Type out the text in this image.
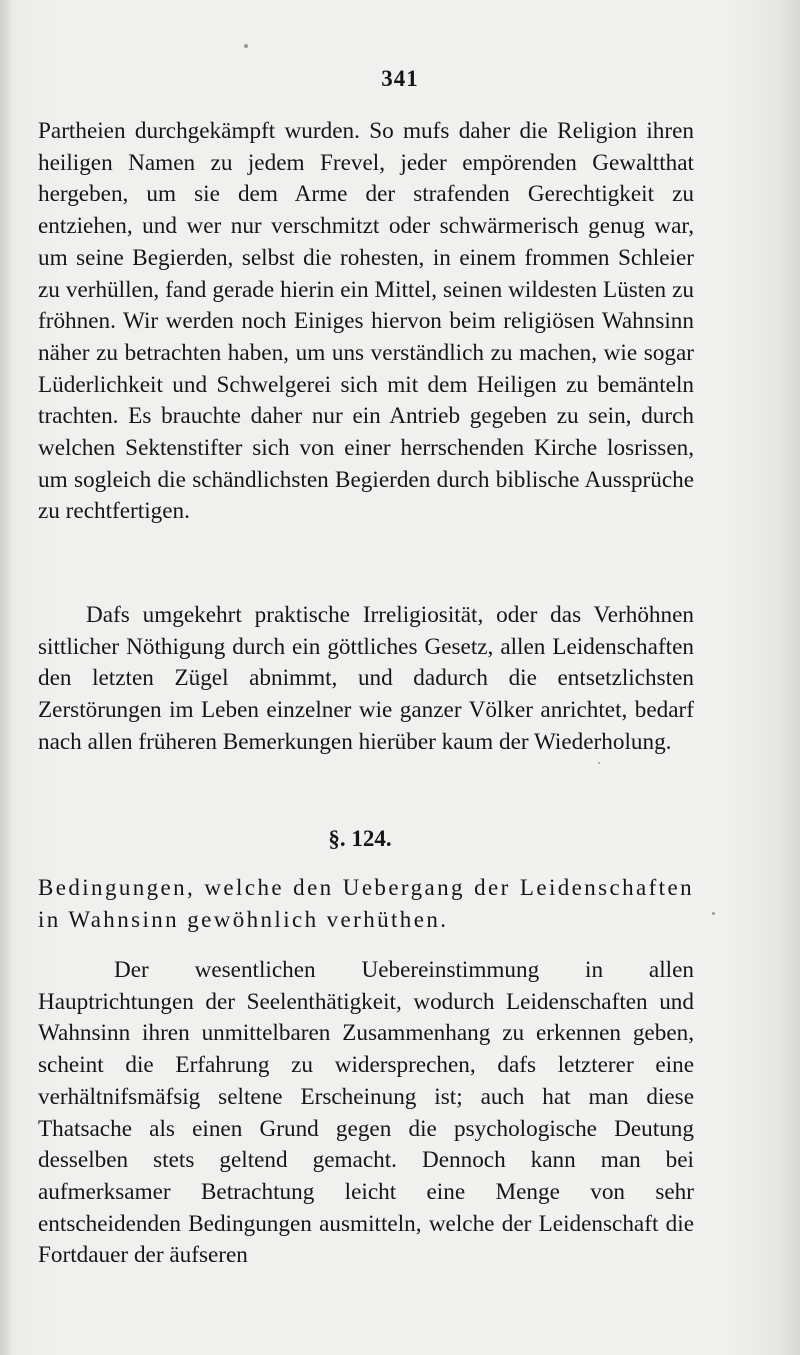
341

Partheien durchgekämpft wurden. So mufs daher die Religion ihren heiligen Namen zu jedem Frevel, jeder empörenden Gewaltthat hergeben, um sie dem Arme der strafenden Gerechtigkeit zu entziehen, und wer nur verschmitzt oder schwärmerisch genug war, um seine Begierden, selbst die rohesten, in einem frommen Schleier zu verhüllen, fand gerade hierin ein Mittel, seinen wildesten Lüsten zu fröhnen. Wir werden noch Einiges hiervon beim religiösen Wahnsinn näher zu betrachten haben, um uns verständlich zu machen, wie sogar Lüderlichkeit und Schwelgerei sich mit dem Heiligen zu bemänteln trachten. Es brauchte daher nur ein Antrieb gegeben zu sein, durch welchen Sektenstifter sich von einer herrschenden Kirche losrissen, um sogleich die schändlichsten Begierden durch biblische Aussprüche zu rechtfertigen.

Dafs umgekehrt praktische Irreligiosität, oder das Verhöhnen sittlicher Nöthigung durch ein göttliches Gesetz, allen Leidenschaften den letzten Zügel abnimmt, und dadurch die entsetzlichsten Zerstörungen im Leben einzelner wie ganzer Völker anrichtet, bedarf nach allen früheren Bemerkungen hierüber kaum der Wiederholung.

§. 124.
Bedingungen, welche den Uebergang der Leidenschaften in Wahnsinn gewöhnlich verhüthen.

Der wesentlichen Uebereinstimmung in allen Hauptrichtungen der Seelenthätigkeit, wodurch Leidenschaften und Wahnsinn ihren unmittelbaren Zusammenhang zu erkennen geben, scheint die Erfahrung zu widersprechen, dafs letzterer eine verhältnifsmäfsig seltene Erscheinung ist; auch hat man diese Thatsache als einen Grund gegen die psychologische Deutung desselben stets geltend gemacht. Dennoch kann man bei aufmerksamer Betrachtung leicht eine Menge von sehr entscheidenden Bedingungen ausmitteln, welche der Leidenschaft die Fortdauer der äufseren
